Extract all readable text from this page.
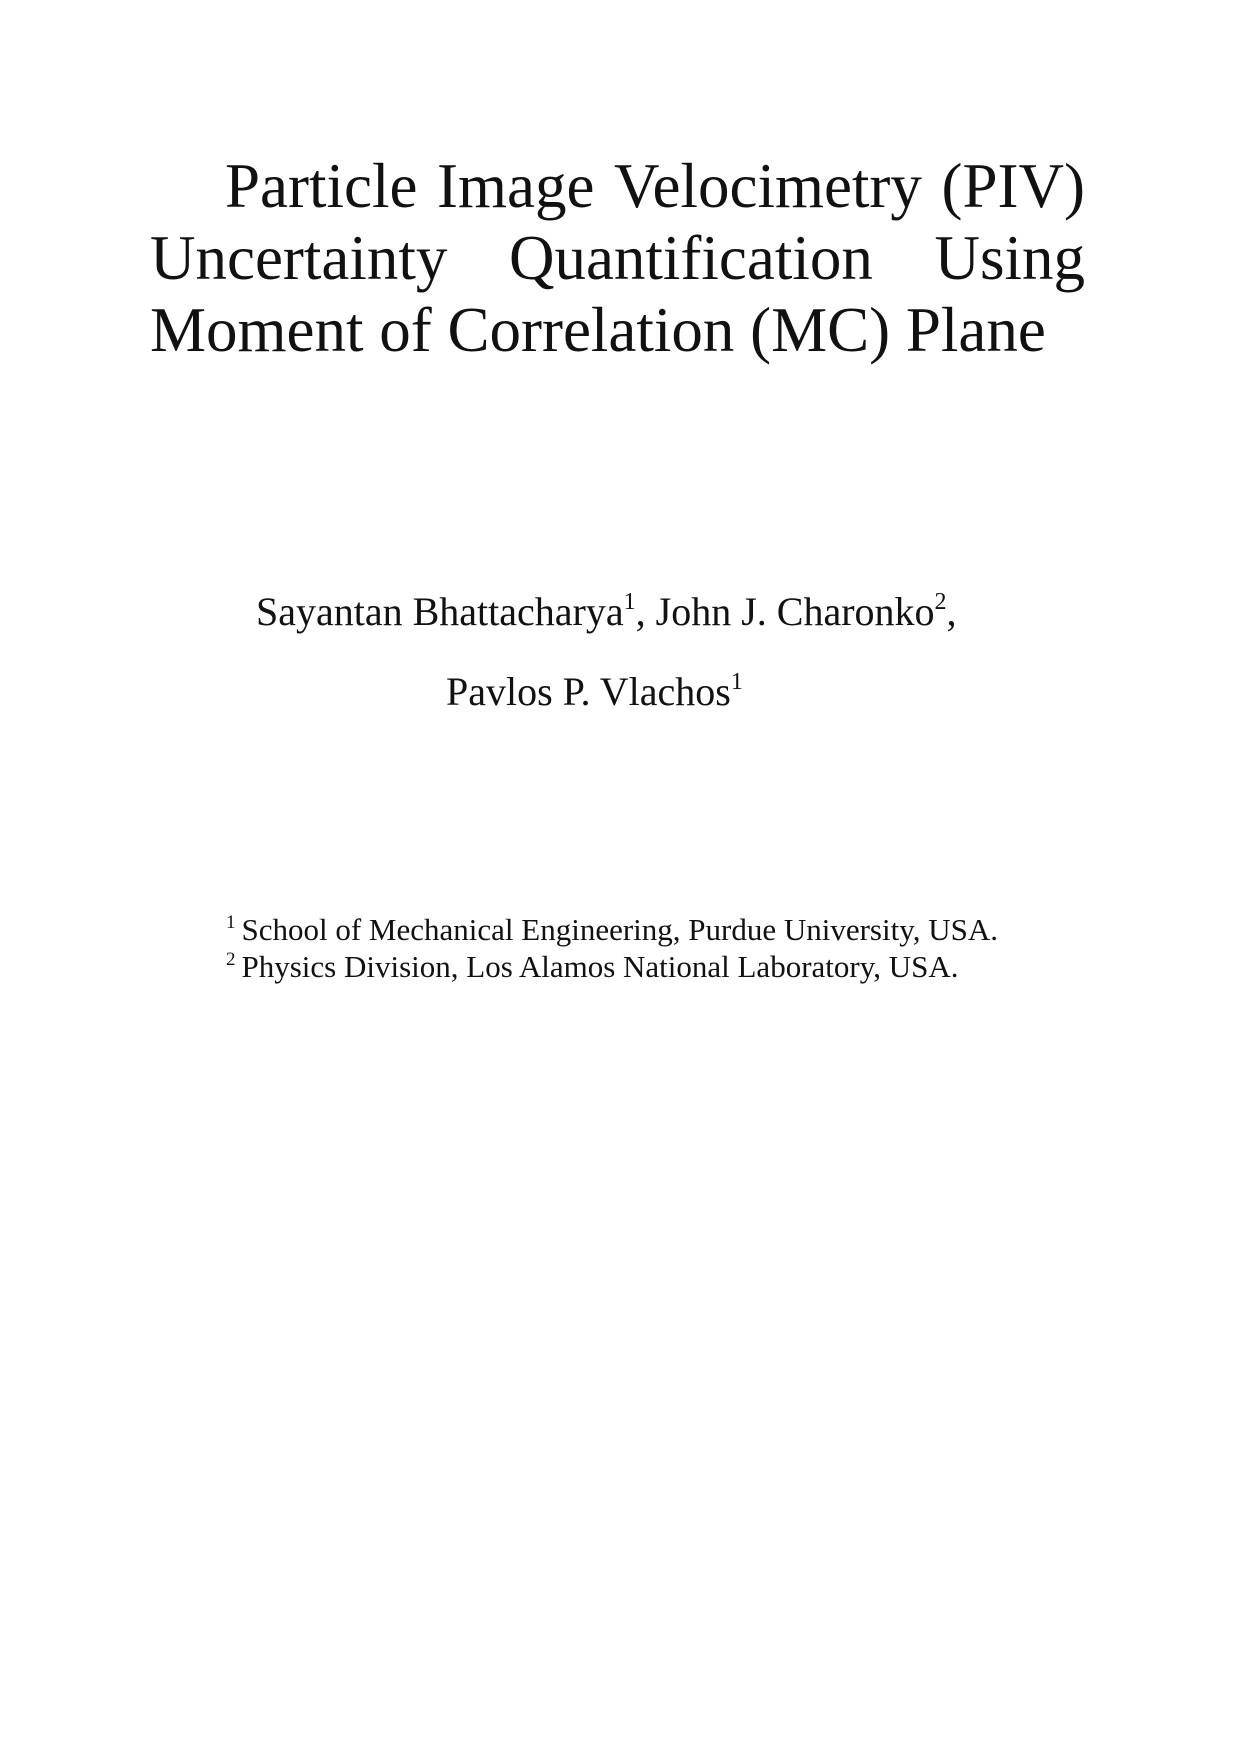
Particle Image Velocimetry (PIV)
Uncertainty Quantification Using
Moment of Correlation (MC) Plane
Sayantan Bhattacharya$^1$, John J. Charonko$^2$,
Pavlos P. Vlachos$^1$
$^1$ School of Mechanical Engineering, Purdue University, USA.
$^2$ Physics Division, Los Alamos National Laboratory, USA.
